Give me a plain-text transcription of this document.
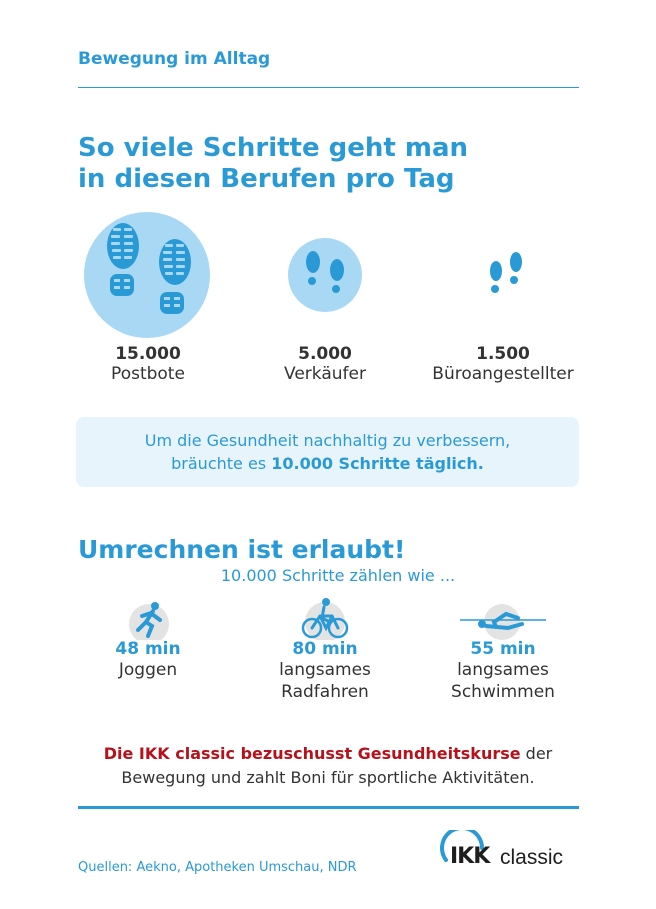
Bewegung im Alltag
So viele Schritte geht man
in diesen Berufen pro Tag
15.000
Postbote
5.000
Verkäufer
1.500
Büroangestellter
Um die Gesundheit nachhaltig zu verbessern,
bräuchte es 10.000 Schritte täglich.
Umrechnen ist erlaubt!
10.000 Schritte zählen wie ...
48 min
Joggen
80 min
langsames
Radfahren
55 min
langsames
Schwimmen
Die IKK classic bezuschusst Gesundheitskurse der
Bewegung und zahlt Boni für sportliche Aktivitäten.
Quellen: Aekno, Apotheken Umschau, NDR	IKK classic
